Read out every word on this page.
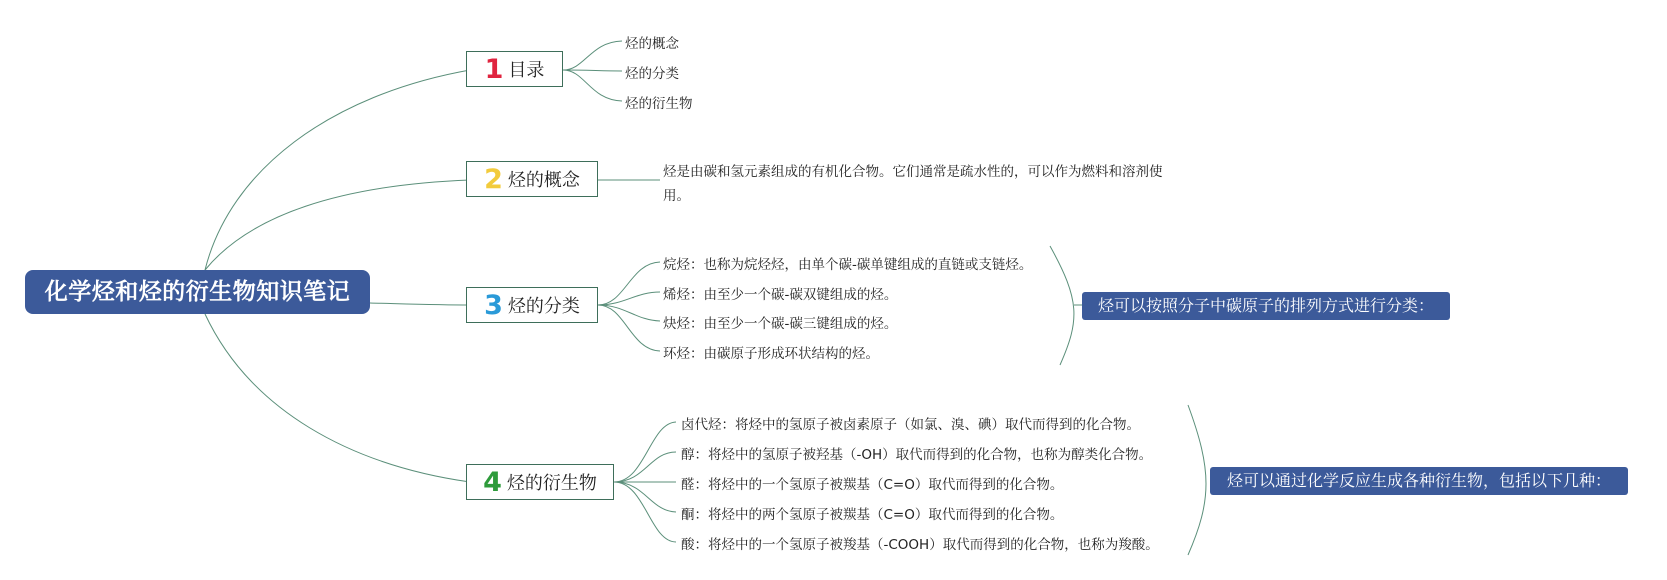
化学烃和烃的衍生物知识笔记
1 目录
烃的概念
烃的分类
烃的衍生物
2 烃的概念	烃是由碳和氢元素组成的有机化合物。它们通常是疏水性的，可以作为燃料和溶剂使用。
3 烃的分类
烷烃：也称为烷烃烃，由单个碳-碳单键组成的直链或支链烃。
烯烃：由至少一个碳-碳双键组成的烃。
炔烃：由至少一个碳-碳三键组成的烃。
环烃：由碳原子形成环状结构的烃。
烃可以按照分子中碳原子的排列方式进行分类：
4 烃的衍生物
卤代烃：将烃中的氢原子被卤素原子（如氯、溴、碘）取代而得到的化合物。
醇：将烃中的氢原子被羟基（-OH）取代而得到的化合物，也称为醇类化合物。
醛：将烃中的一个氢原子被羰基（C=O）取代而得到的化合物。
酮：将烃中的两个氢原子被羰基（C=O）取代而得到的化合物。
酸：将烃中的一个氢原子被羧基（-COOH）取代而得到的化合物，也称为羧酸。
烃可以通过化学反应生成各种衍生物，包括以下几种：
